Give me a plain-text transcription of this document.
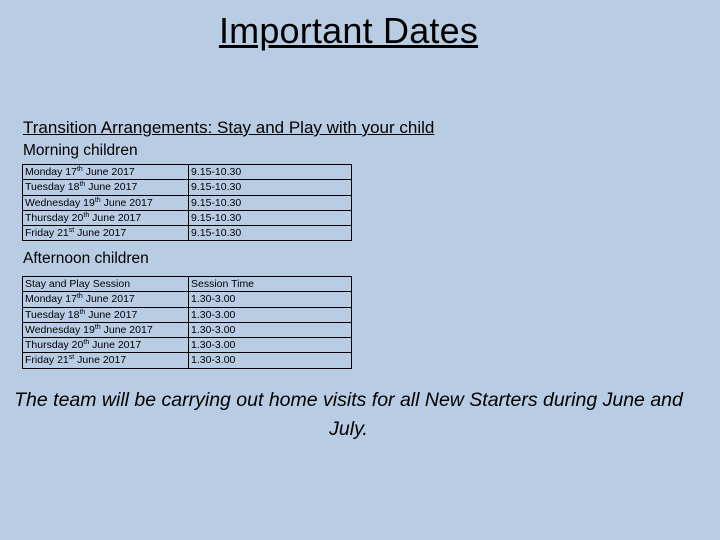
Important Dates
Transition Arrangements: Stay and Play with your child
Morning children
Monday 17th June 2017	9.15-10.30
Tuesday 18th June 2017	9.15-10.30
Wednesday 19th June 2017	9.15-10.30
Thursday 20th June 2017	9.15-10.30
Friday 21st June 2017	9.15-10.30
Afternoon children
Stay and Play Session	Session Time
Monday 17th June 2017	1.30-3.00
Tuesday 18th June 2017	1.30-3.00
Wednesday 19th June 2017	1.30-3.00
Thursday 20th June 2017	1.30-3.00
Friday 21st June 2017	1.30-3.00
The team will be carrying out home visits for all New Starters during June and July.
